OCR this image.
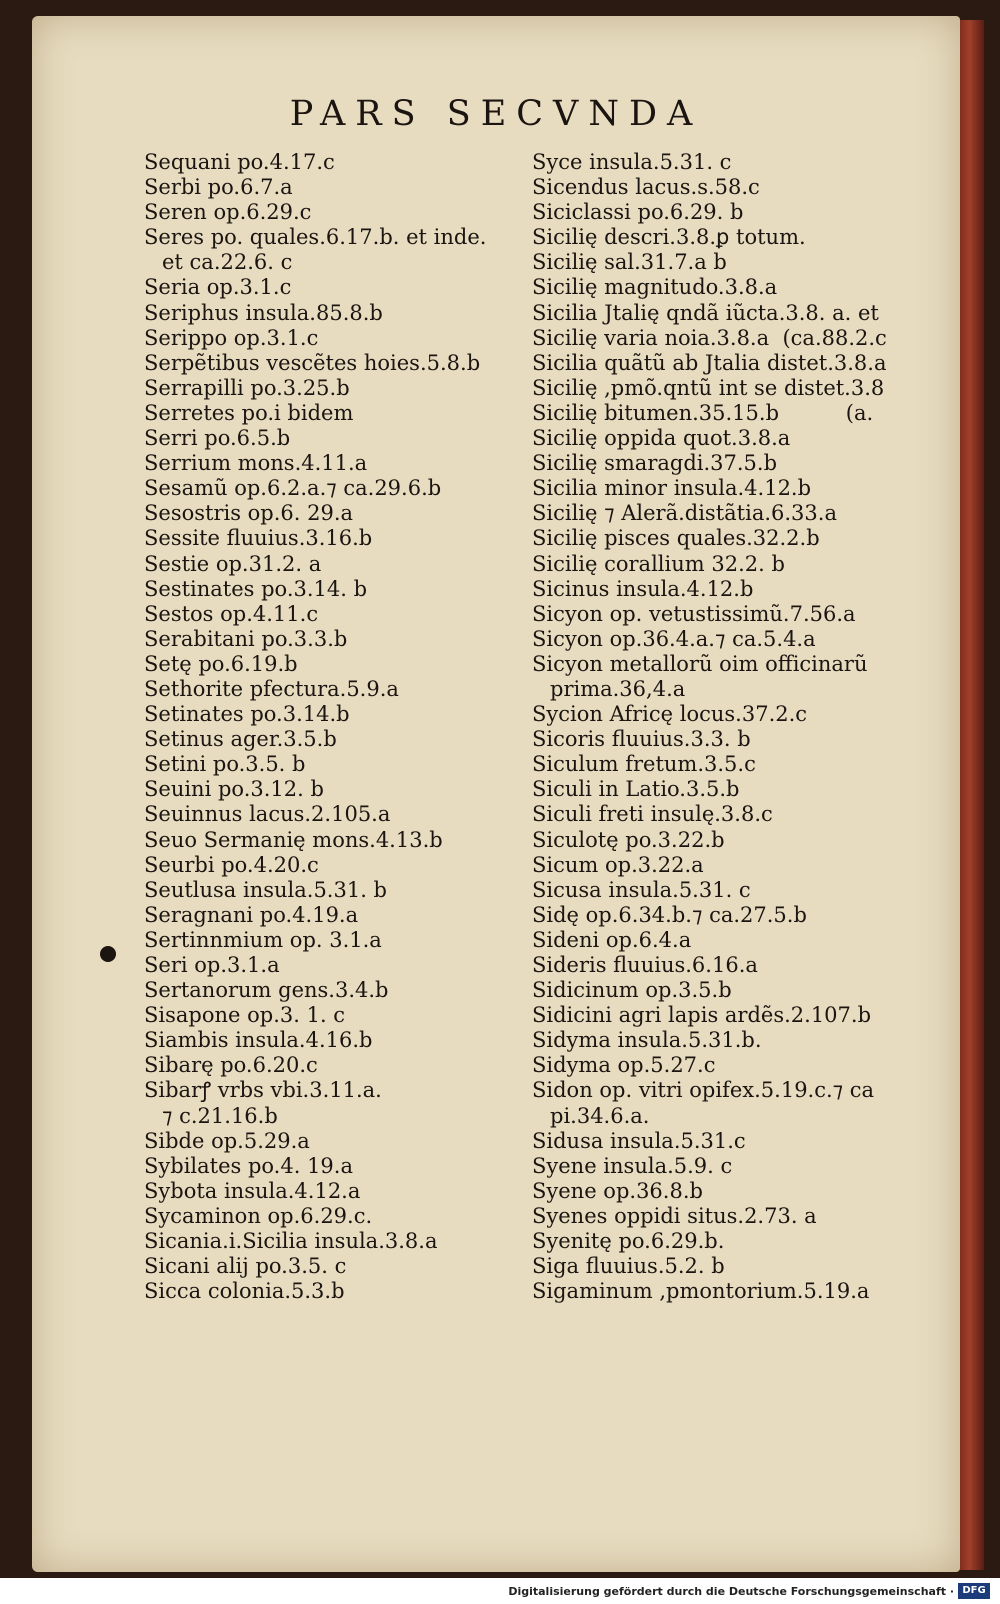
PARS SECVNDA
Sequani po.4.17.c
Serbi po.6.7.a
Seren op.6.29.c
Seres po. quales.6.17.b. et inde.
et ca.22.6. c
Seria op.3.1.c
Seriphus insula.85.8.b
Serippo op.3.1.c
Serpẽtibus vescẽtes hoies.5.8.b
Serrapilli po.3.25.b
Serretes po.i bidem
Serri po.6.5.b
Serrium mons.4.11.a
Sesamũ op.6.2.a.⁊ ca.29.6.b
Sesostris op.6. 29.a
Sessite fluuius.3.16.b
Sestie op.31.2. a
Sestinates po.3.14. b
Sestos op.4.11.c
Serabitani po.3.3.b
Setę po.6.19.b
Sethorite pfectura.5.9.a
Setinates po.3.14.b
Setinus ager.3.5.b
Setini po.3.5. b
Seuini po.3.12. b
Seuinnus lacus.2.105.a
Seuo Sermanię mons.4.13.b
Seurbi po.4.20.c
Seutlusa insula.5.31. b
Seragnani po.4.19.a
Sertinnmium op. 3.1.a
Seri op.3.1.a
Sertanorum gens.3.4.b
Sisapone op.3. 1. c
Siambis insula.4.16.b
Sibarę po.6.20.c
Sibarꝭ vrbs vbi.3.11.a.
⁊ c.21.16.b
Sibde op.5.29.a
Sybilates po.4. 19.a
Sybota insula.4.12.a
Sycaminon op.6.29.c.
Sicania.i.Sicilia insula.3.8.a
Sicani alij po.3.5. c
Sicca colonia.5.3.b
Syce insula.5.31. c
Sicendus lacus.s.58.c
Siciclassi po.6.29. b
Sicilię descri.3.8.ꝑ totum.
Sicilię sal.31.7.a b
Sicilię magnitudo.3.8.a
Sicilia Jtalię qndã iũcta.3.8. a. et
Sicilię varia noia.3.8.a  (ca.88.2.c
Sicilia quãtũ ab Jtalia distet.3.8.a
Sicilię ,pmõ.qntũ int se distet.3.8
Sicilię bitumen.35.15.b          (a.
Sicilię oppida quot.3.8.a
Sicilię smaragdi.37.5.b
Sicilia minor insula.4.12.b
Sicilię ⁊ Alerã.distãtia.6.33.a
Sicilię pisces quales.32.2.b
Sicilię corallium 32.2. b
Sicinus insula.4.12.b
Sicyon op. vetustissimũ.7.56.a
Sicyon op.36.4.a.⁊ ca.5.4.a
Sicyon metallorũ oim officinarũ
prima.36,4.a
Sycion Africę locus.37.2.c
Sicoris fluuius.3.3. b
Siculum fretum.3.5.c
Siculi in Latio.3.5.b
Siculi freti insulę.3.8.c
Siculotę po.3.22.b
Sicum op.3.22.a
Sicusa insula.5.31. c
Sidę op.6.34.b.⁊ ca.27.5.b
Sideni op.6.4.a
Sideris fluuius.6.16.a
Sidicinum op.3.5.b
Sidicini agri lapis ardẽs.2.107.b
Sidyma insula.5.31.b.
Sidyma op.5.27.c
Sidon op. vitri opifex.5.19.c.⁊ ca
pi.34.6.a.
Sidusa insula.5.31.c
Syene insula.5.9. c
Syene op.36.8.b
Syenes oppidi situs.2.73. a
Syenitę po.6.29.b.
Siga fluuius.5.2. b
Sigaminum ,pmontorium.5.19.a
Digitalisierung gefördert durch die Deutsche Forschungsgemeinschaft · DFG
